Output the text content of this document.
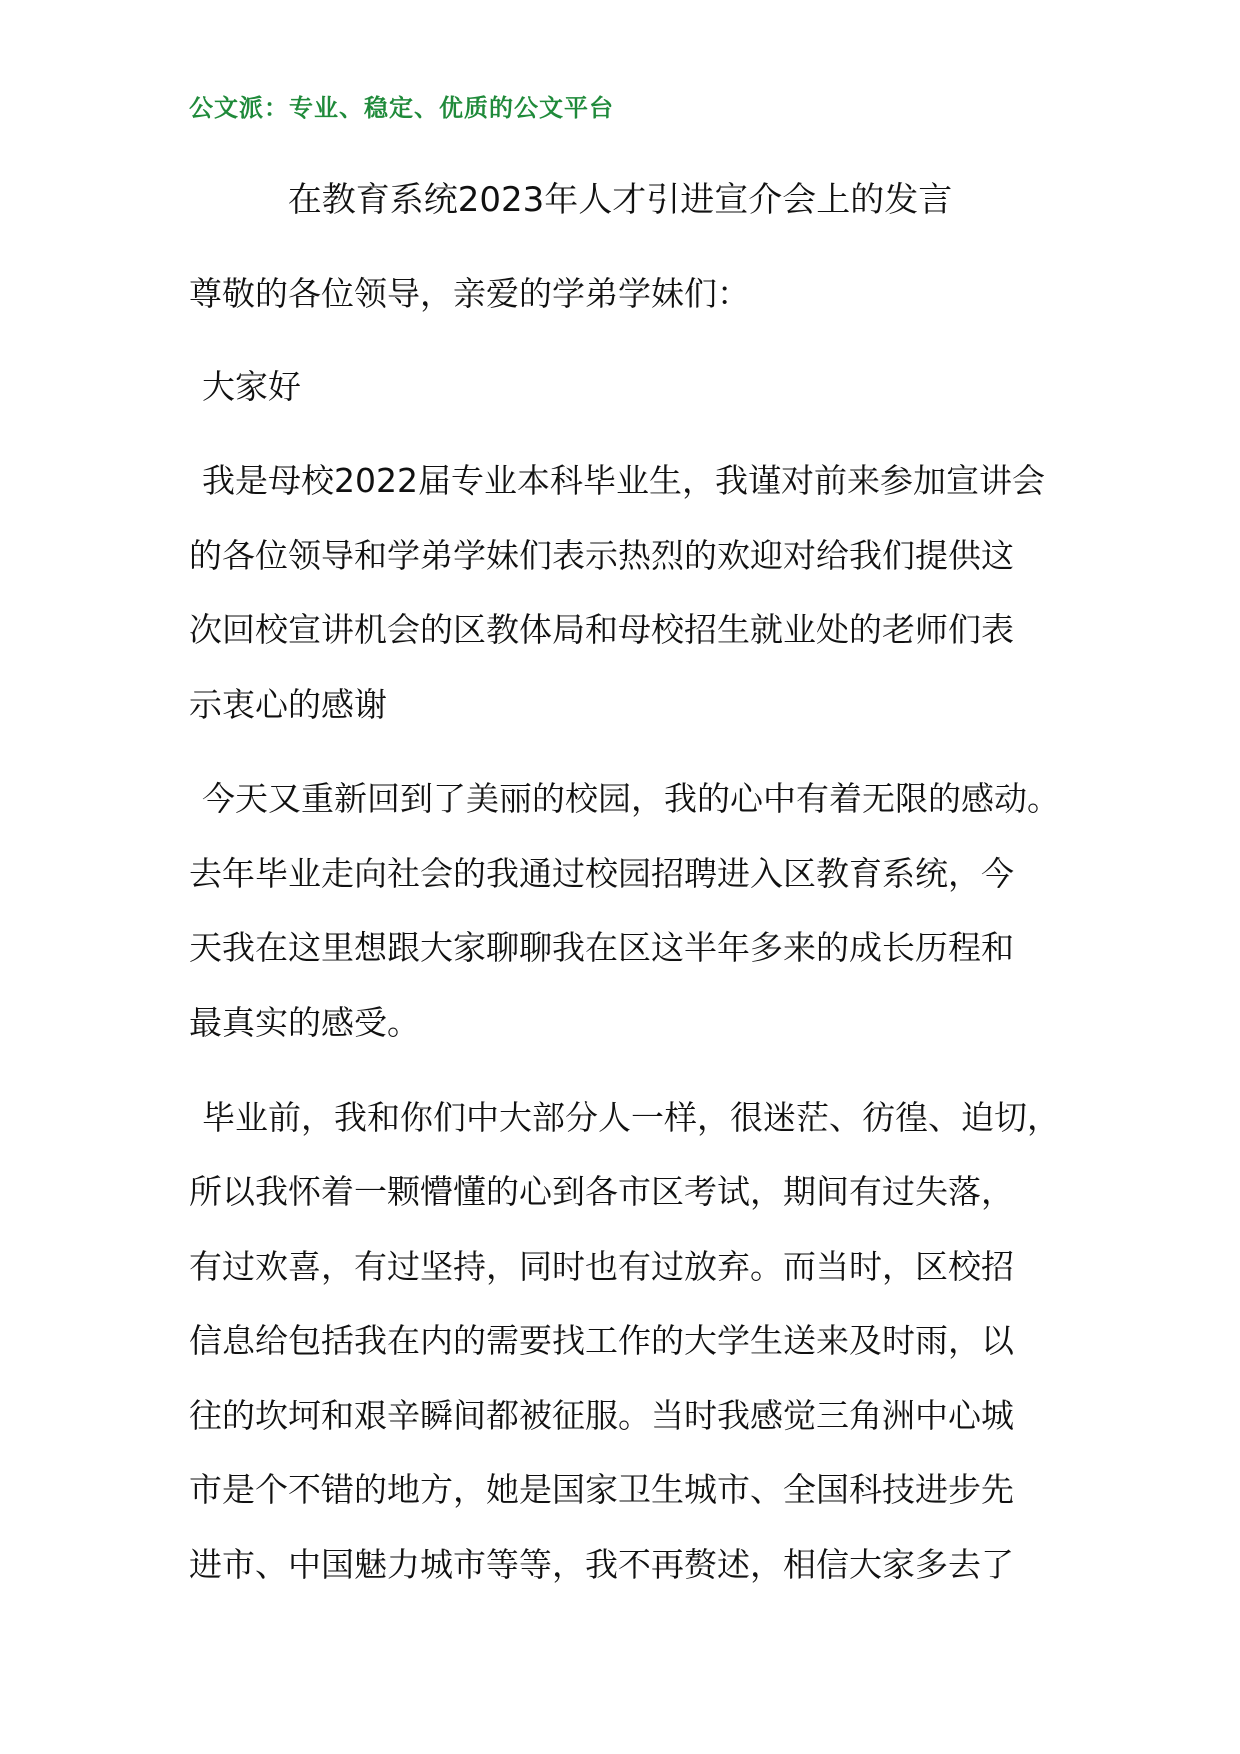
公文派：专业、稳定、优质的公文平台
在教育系统2023年人才引进宣介会上的发言
尊敬的各位领导，亲爱的学弟学妹们：
大家好
我是母校2022届专业本科毕业生，我谨对前来参加宣讲会
的各位领导和学弟学妹们表示热烈的欢迎对给我们提供这
次回校宣讲机会的区教体局和母校招生就业处的老师们表
示衷心的感谢
今天又重新回到了美丽的校园，我的心中有着无限的感动。
去年毕业走向社会的我通过校园招聘进入区教育系统，今
天我在这里想跟大家聊聊我在区这半年多来的成长历程和
最真实的感受。
毕业前，我和你们中大部分人一样，很迷茫、彷徨、迫切，
所以我怀着一颗懵懂的心到各市区考试，期间有过失落，
有过欢喜，有过坚持，同时也有过放弃。而当时，区校招
信息给包括我在内的需要找工作的大学生送来及时雨，以
往的坎坷和艰辛瞬间都被征服。当时我感觉三角洲中心城
市是个不错的地方，她是国家卫生城市、全国科技进步先
进市、中国魅力城市等等，我不再赘述，相信大家多去了
